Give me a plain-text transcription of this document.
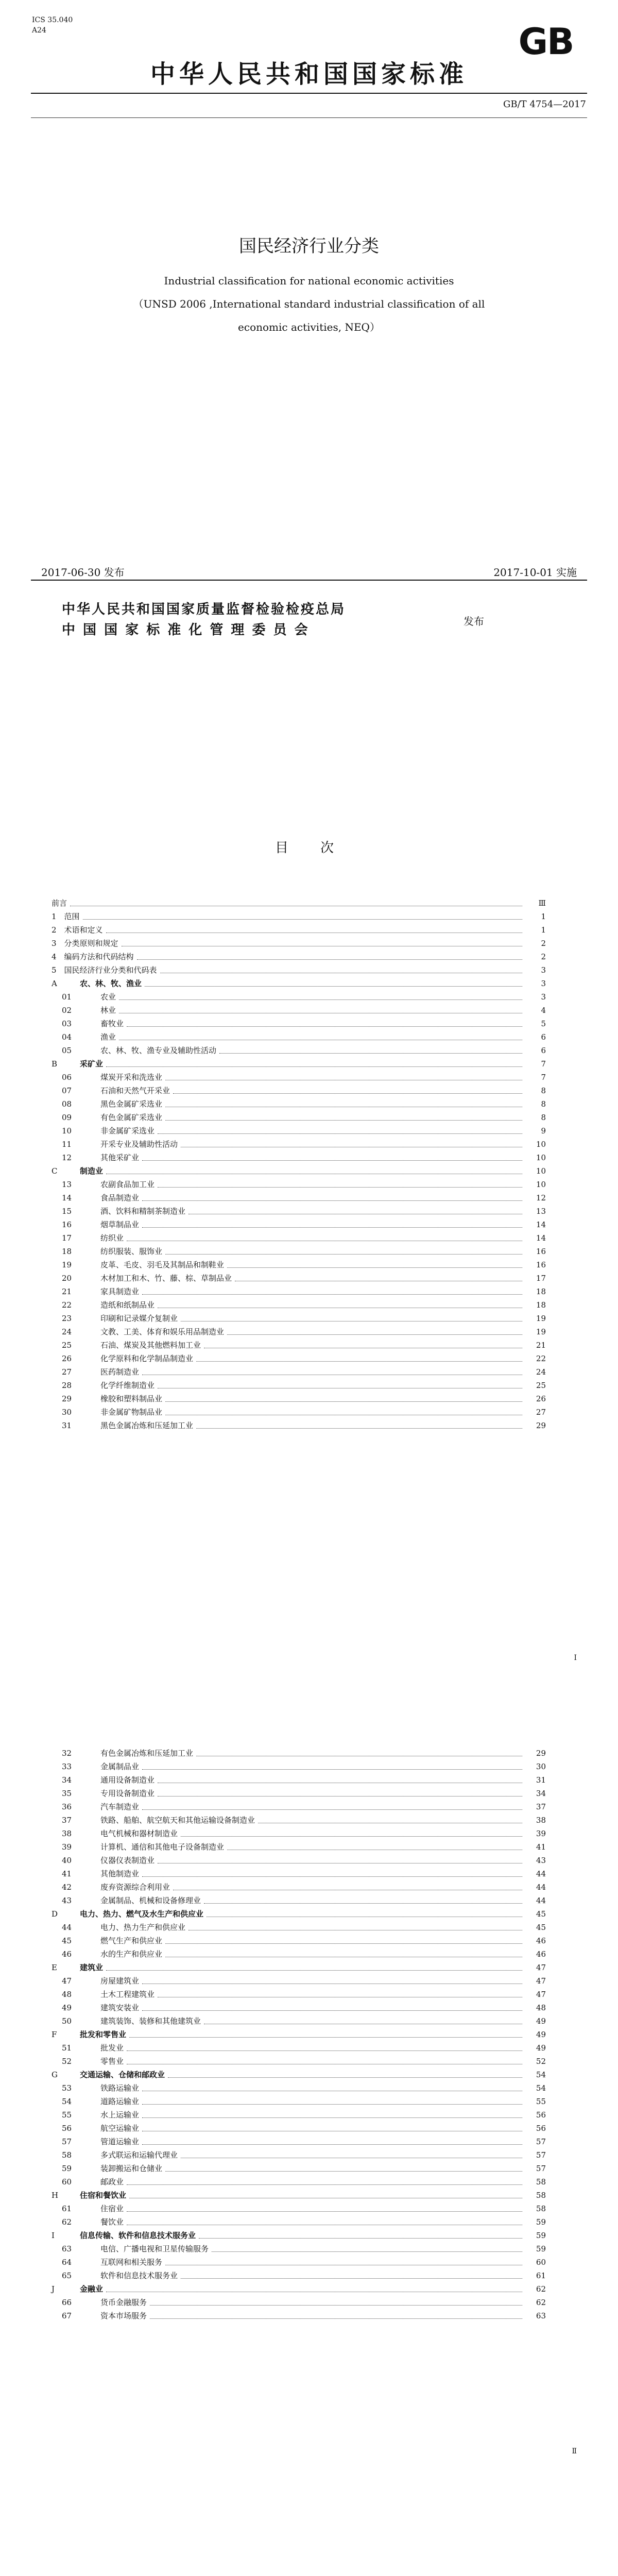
ICS 35.040
A24	GB
中华人民共和国国家标准
GB/T 4754—2017
国民经济行业分类
Industrial classification for national economic activities
（UNSD 2006 ,International standard industrial classification of all
economic activities, NEQ）
2017-06-30 发布	2017-10-01 实施
中华人民共和国国家质量监督检验检疫总局
中 国 国 家 标 准 化 管 理 委 员 会
发布
目　次
前言	Ⅲ
1　范围	1
2　术语和定义	1
3　分类原则和规定	2
4　编码方法和代码结构	2
5　国民经济行业分类和代码表	3
A	农、林、牧、渔业	3
01	农业	3
02	林业	4
03	畜牧业	5
04	渔业	6
05	农、林、牧、渔专业及辅助性活动	6
B	采矿业	7
06	煤炭开采和洗选业	7
07	石油和天然气开采业	8
08	黑色金属矿采选业	8
09	有色金属矿采选业	8
10	非金属矿采选业	9
11	开采专业及辅助性活动	10
12	其他采矿业	10
C	制造业	10
13	农副食品加工业	10
14	食品制造业	12
15	酒、饮料和精制茶制造业	13
16	烟草制品业	14
17	纺织业	14
18	纺织服装、服饰业	16
19	皮革、毛皮、羽毛及其制品和制鞋业	16
20	木材加工和木、竹、藤、棕、草制品业	17
21	家具制造业	18
22	造纸和纸制品业	18
23	印刷和记录媒介复制业	19
24	文教、工美、体育和娱乐用品制造业	19
25	石油、煤炭及其他燃料加工业	21
26	化学原料和化学制品制造业	22
27	医药制造业	24
28	化学纤维制造业	25
29	橡胶和塑料制品业	26
30	非金属矿物制品业	27
31	黑色金属冶炼和压延加工业	29
Ⅰ
32	有色金属冶炼和压延加工业	29
33	金属制品业	30
34	通用设备制造业	31
35	专用设备制造业	34
36	汽车制造业	37
37	铁路、船舶、航空航天和其他运输设备制造业	38
38	电气机械和器材制造业	39
39	计算机、通信和其他电子设备制造业	41
40	仪器仪表制造业	43
41	其他制造业	44
42	废弃资源综合利用业	44
43	金属制品、机械和设备修理业	44
D	电力、热力、燃气及水生产和供应业	45
44	电力、热力生产和供应业	45
45	燃气生产和供应业	46
46	水的生产和供应业	46
E	建筑业	47
47	房屋建筑业	47
48	土木工程建筑业	47
49	建筑安装业	48
50	建筑装饰、装修和其他建筑业	49
F	批发和零售业	49
51	批发业	49
52	零售业	52
G	交通运输、仓储和邮政业	54
53	铁路运输业	54
54	道路运输业	55
55	水上运输业	56
56	航空运输业	56
57	管道运输业	57
58	多式联运和运输代理业	57
59	装卸搬运和仓储业	57
60	邮政业	58
H	住宿和餐饮业	58
61	住宿业	58
62	餐饮业	59
I	信息传输、软件和信息技术服务业	59
63	电信、广播电视和卫星传输服务	59
64	互联网和相关服务	60
65	软件和信息技术服务业	61
J	金融业	62
66	货币金融服务	62
67	资本市场服务	63
Ⅱ
